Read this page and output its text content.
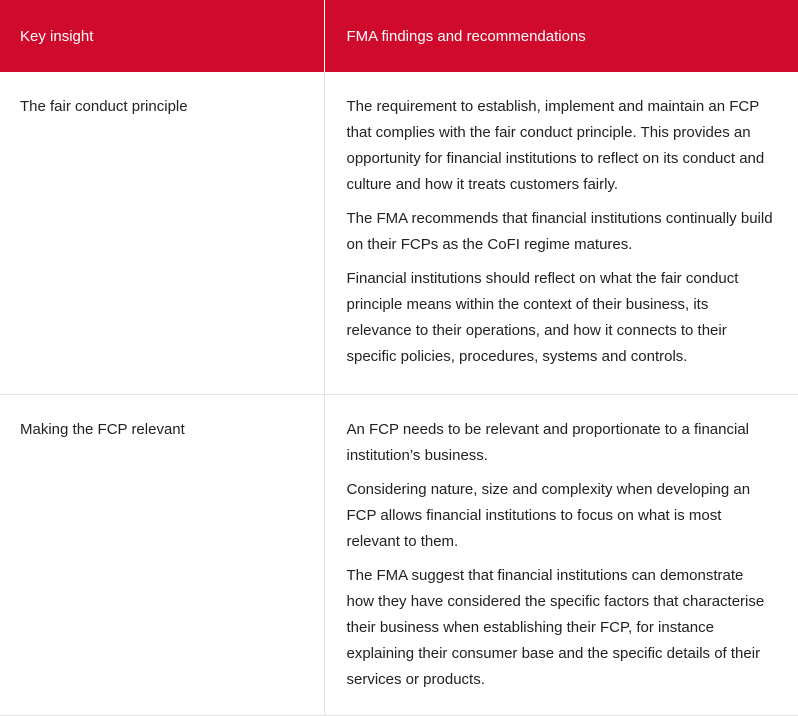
Key insight	FMA findings and recommendations
The fair conduct principle	The requirement to establish, implement and maintain an FCP that complies with the fair conduct principle. This provides an opportunity for financial institutions to reflect on its conduct and culture and how it treats customers fairly.

The FMA recommends that financial institutions continually build on their FCPs as the CoFI regime matures.

Financial institutions should reflect on what the fair conduct principle means within the context of their business, its relevance to their operations, and how it connects to their specific policies, procedures, systems and controls.

Making the FCP relevant	An FCP needs to be relevant and proportionate to a financial institution’s business.

Considering nature, size and complexity when developing an FCP allows financial institutions to focus on what is most relevant to them.

The FMA suggest that financial institutions can demonstrate how they have considered the specific factors that characterise their business when establishing their FCP, for instance explaining their consumer base and the specific details of their services or products.
